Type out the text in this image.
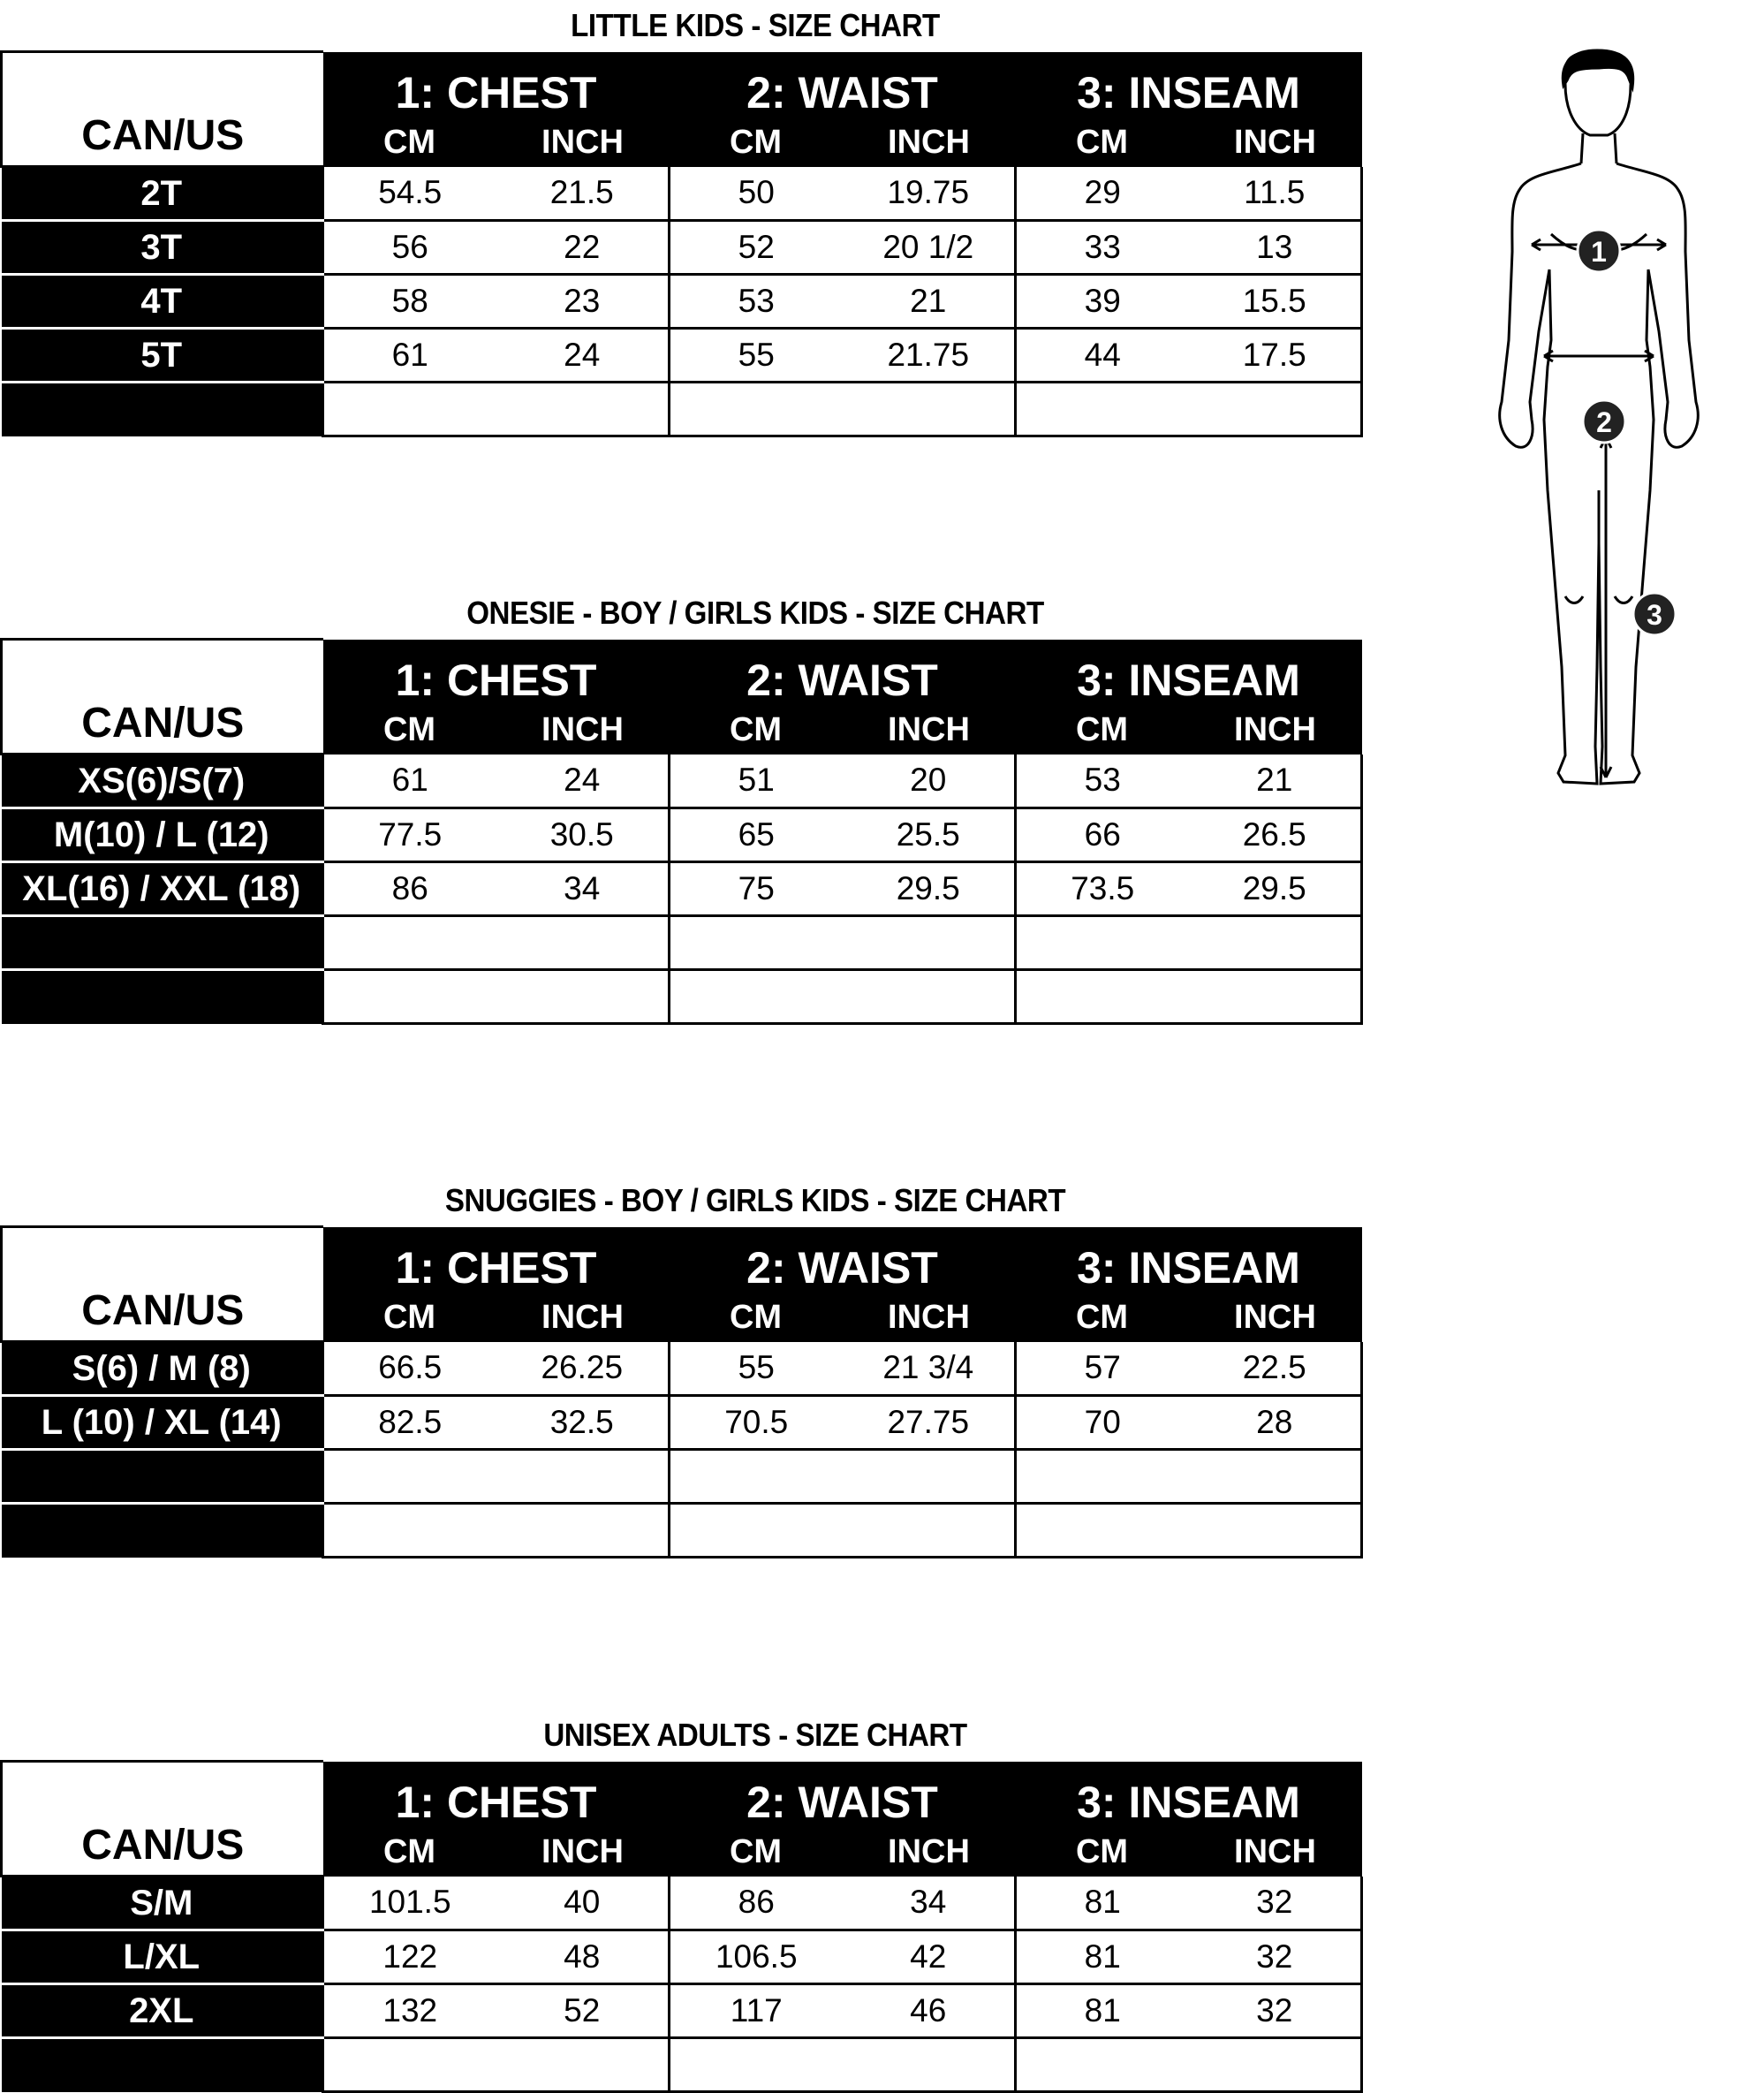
LITTLE KIDS - SIZE CHART
CAN/US	1: CHEST		2: WAIST		3: INSEAM	
	CM	INCH	CM	INCH	CM	INCH
2T	54.5	21.5	50	19.75	29	11.5
3T	56	22	52	20 1/2	33	13
4T	58	23	53	21	39	15.5
5T	61	24	55	21.75	44	17.5

ONESIE - BOY / GIRLS KIDS - SIZE CHART
CAN/US	1: CHEST		2: WAIST		3: INSEAM	
	CM	INCH	CM	INCH	CM	INCH
XS(6)/S(7)	61	24	51	20	53	21
M(10) / L (12)	77.5	30.5	65	25.5	66	26.5
XL(16) / XXL (18)	86	34	75	29.5	73.5	29.5

SNUGGIES - BOY / GIRLS KIDS - SIZE CHART
CAN/US	1: CHEST		2: WAIST		3: INSEAM	
	CM	INCH	CM	INCH	CM	INCH
S(6) / M (8)	66.5	26.25	55	21 3/4	57	22.5
L (10) / XL (14)	82.5	32.5	70.5	27.75	70	28

UNISEX ADULTS - SIZE CHART
CAN/US	1: CHEST		2: WAIST		3: INSEAM	
	CM	INCH	CM	INCH	CM	INCH
S/M	101.5	40	86	34	81	32
L/XL	122	48	106.5	42	81	32
2XL	132	52	117	46	81	32

1
2
3
